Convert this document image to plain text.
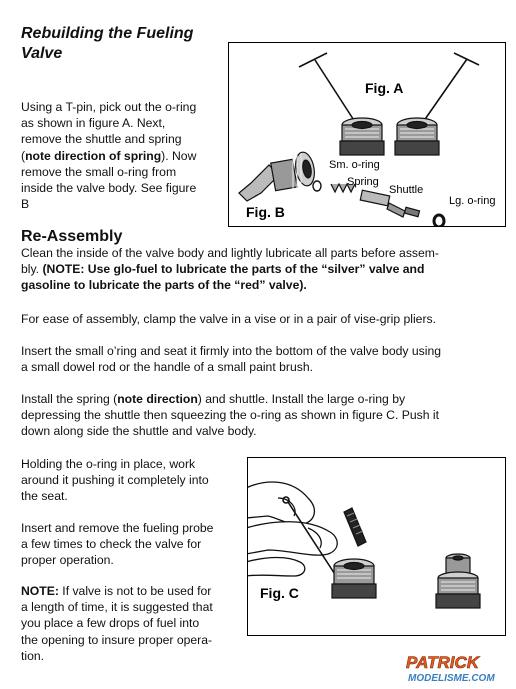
Rebuilding the Fueling
Valve
Using a T-pin, pick out the o-ring
as shown in figure A. Next,
remove the shuttle and spring
(note direction of spring). Now
remove the small o-ring from
inside the valve body. See figure
B
Sm. o-ring
Spring
Shuttle
Lg. o-ring
Fig. A
Fig. B
Re-Assembly
Clean the inside of the valve body and lightly lubricate all parts before assem-
bly. (NOTE: Use glo-fuel to lubricate the parts of the “silver” valve and
gasoline to lubricate the parts of the “red” valve).
For ease of assembly, clamp the valve in a vise or in a pair of vise-grip pliers.
Insert the small o’ring and seat it firmly into the bottom of the valve body using
a small dowel rod or the handle of a small paint brush.
Install the spring (note direction) and shuttle. Install the large o-ring by
depressing the shuttle then squeezing the o-ring as shown in figure C. Push it
down along side the shuttle and valve body.
Holding the o-ring in place, work
around it pushing it completely into
the seat.
Insert and remove the fueling probe
a few times to check the valve for
proper operation.
NOTE: If valve is not to be used for
a length of time, it is suggested that
you place a few drops of fuel into
the opening to insure proper opera-
tion.
Fig. C
PATRICK
MODELISME.COM
